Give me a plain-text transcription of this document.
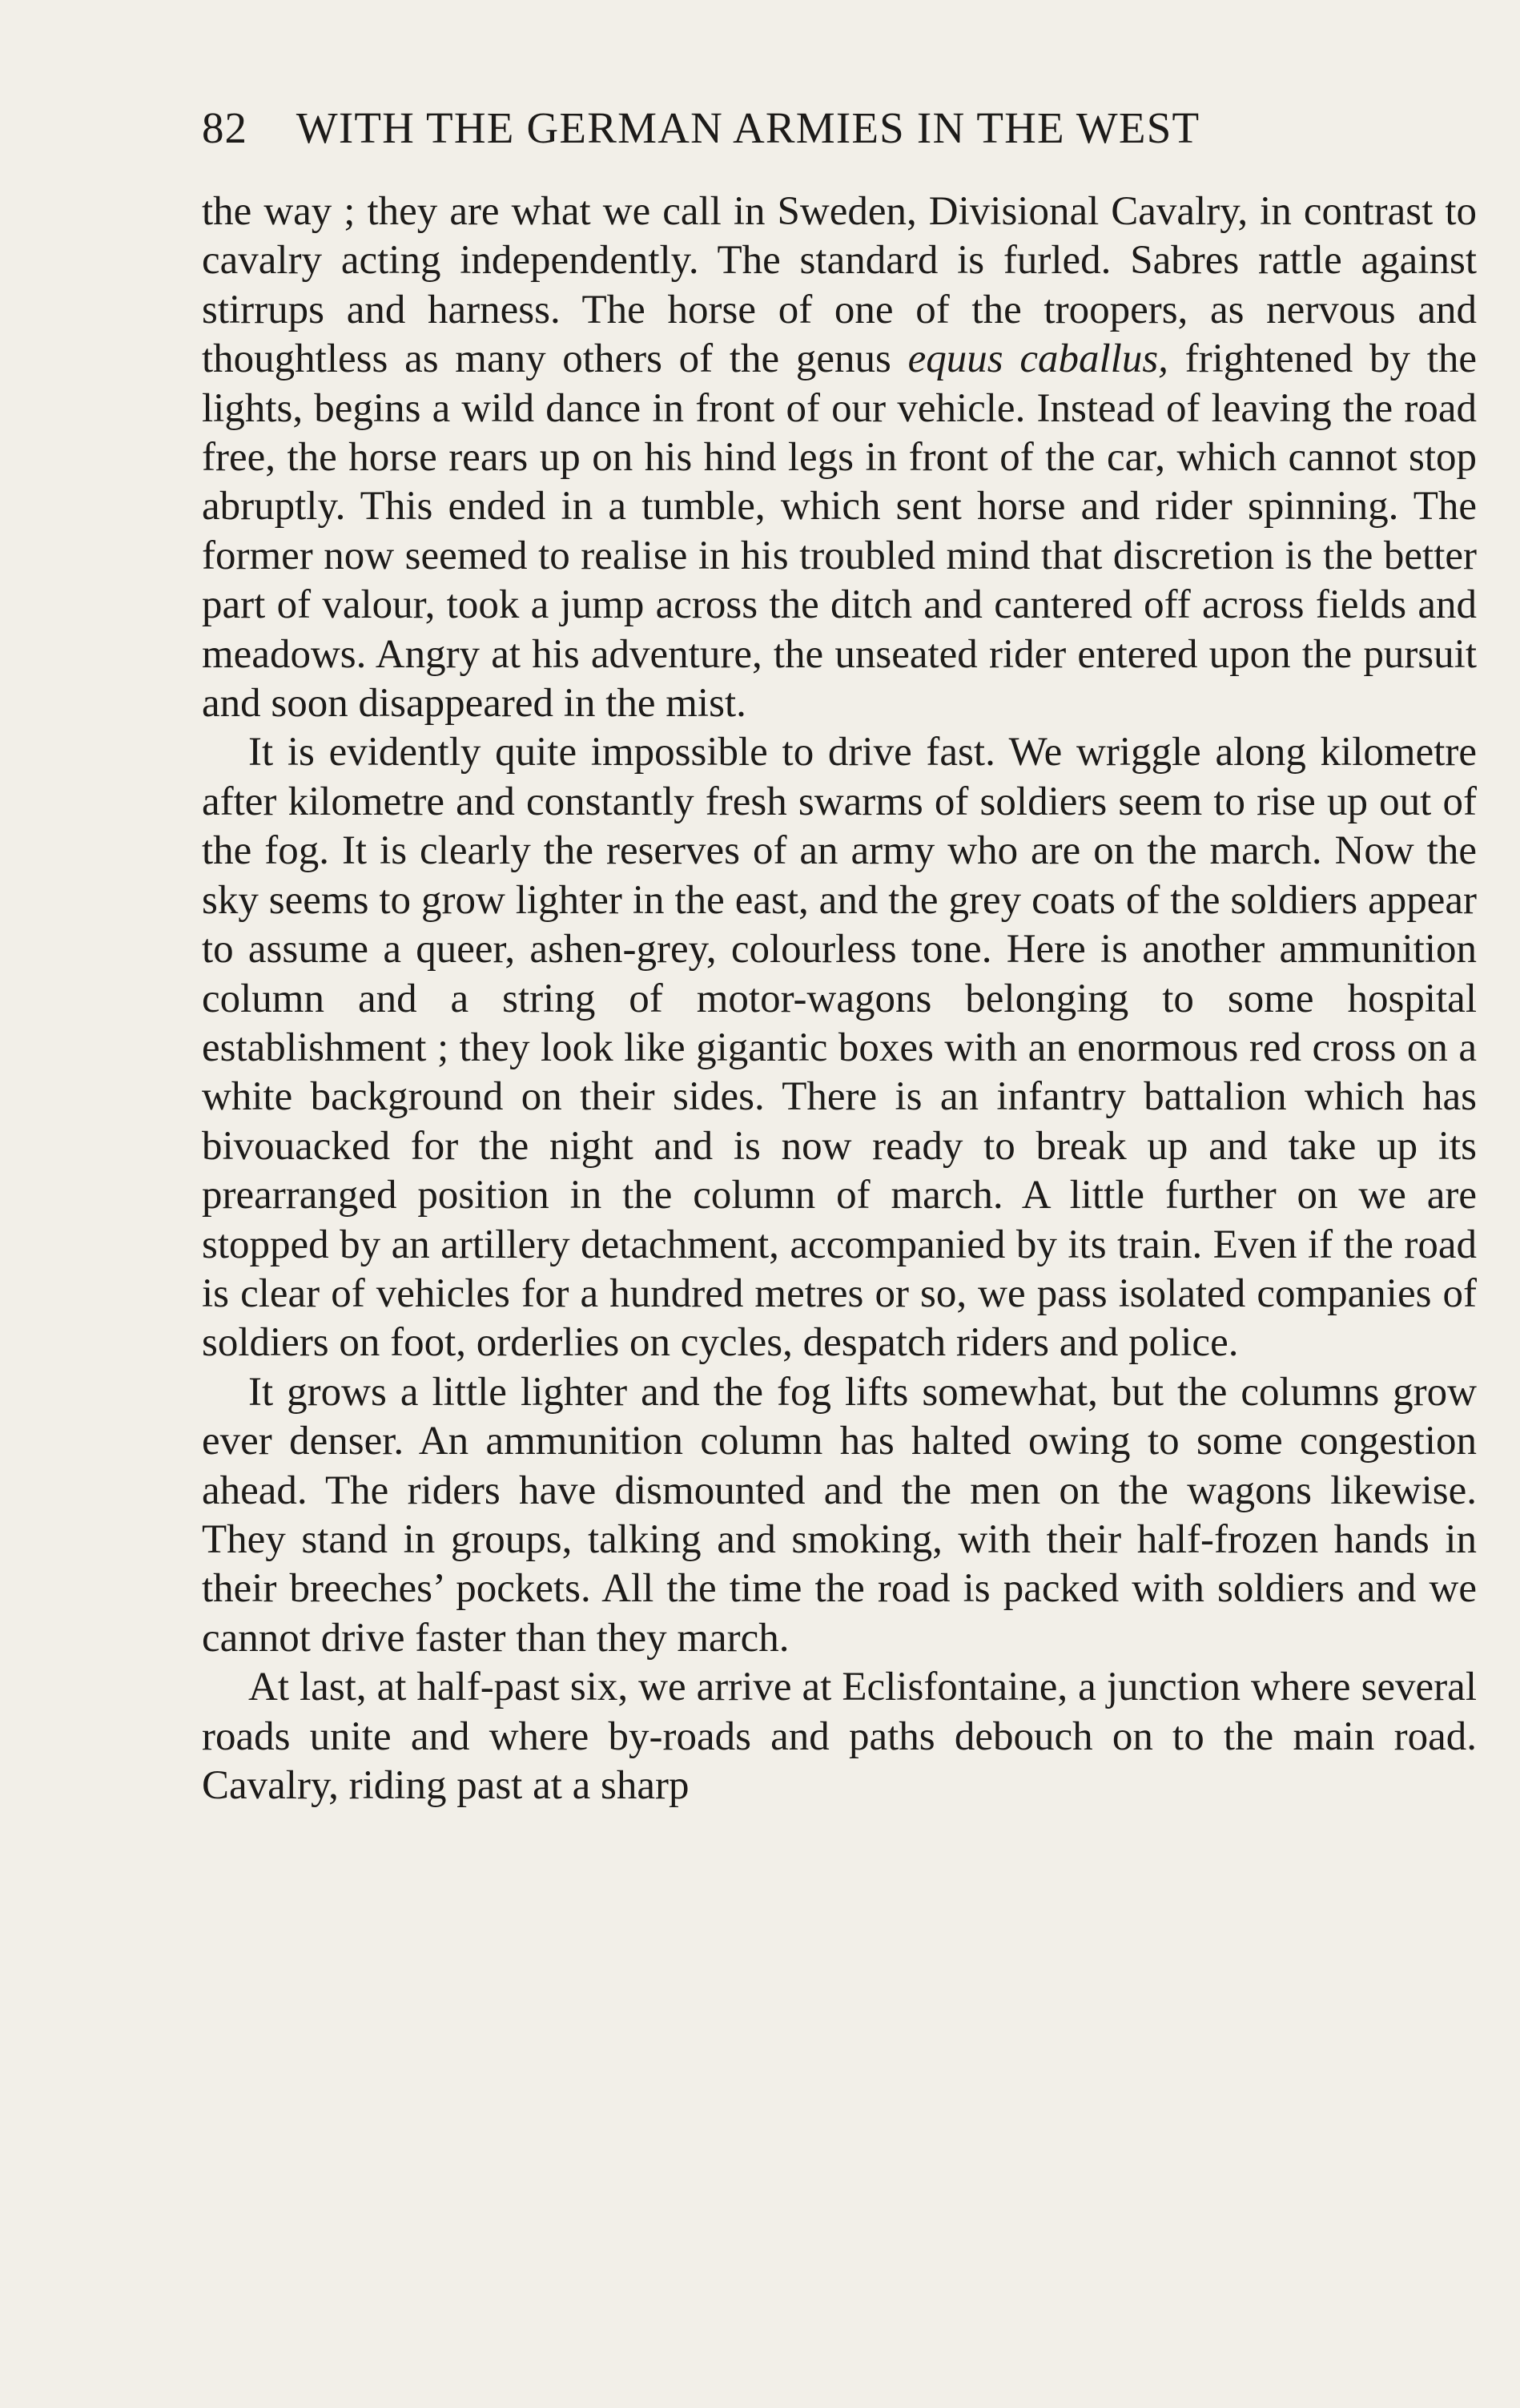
82 WITH THE GERMAN ARMIES IN THE WEST

the way ; they are what we call in Sweden, Divisional Cavalry, in contrast to cavalry acting independently. The standard is furled. Sabres rattle against stirrups and harness. The horse of one of the troopers, as nervous and thoughtless as many others of the genus equus caballus, frightened by the lights, begins a wild dance in front of our vehicle. Instead of leaving the road free, the horse rears up on his hind legs in front of the car, which cannot stop abruptly. This ended in a tumble, which sent horse and rider spinning. The former now seemed to realise in his troubled mind that discretion is the better part of valour, took a jump across the ditch and cantered off across fields and meadows. Angry at his adventure, the unseated rider entered upon the pursuit and soon disappeared in the mist.

It is evidently quite impossible to drive fast. We wriggle along kilometre after kilometre and constantly fresh swarms of soldiers seem to rise up out of the fog. It is clearly the reserves of an army who are on the march. Now the sky seems to grow lighter in the east, and the grey coats of the soldiers appear to assume a queer, ashen-grey, colourless tone. Here is another ammunition column and a string of motor-wagons belonging to some hospital establishment ; they look like gigantic boxes with an enormous red cross on a white background on their sides. There is an infantry battalion which has bivouacked for the night and is now ready to break up and take up its prearranged position in the column of march. A little further on we are stopped by an artillery detachment, accompanied by its train. Even if the road is clear of vehicles for a hundred metres or so, we pass isolated companies of soldiers on foot, orderlies on cycles, despatch riders and police.

It grows a little lighter and the fog lifts somewhat, but the columns grow ever denser. An ammunition column has halted owing to some congestion ahead. The riders have dismounted and the men on the wagons likewise. They stand in groups, talking and smoking, with their half-frozen hands in their breeches’ pockets. All the time the road is packed with soldiers and we cannot drive faster than they march.

At last, at half-past six, we arrive at Eclisfontaine, a junction where several roads unite and where by-roads and paths debouch on to the main road. Cavalry, riding past at a sharp
